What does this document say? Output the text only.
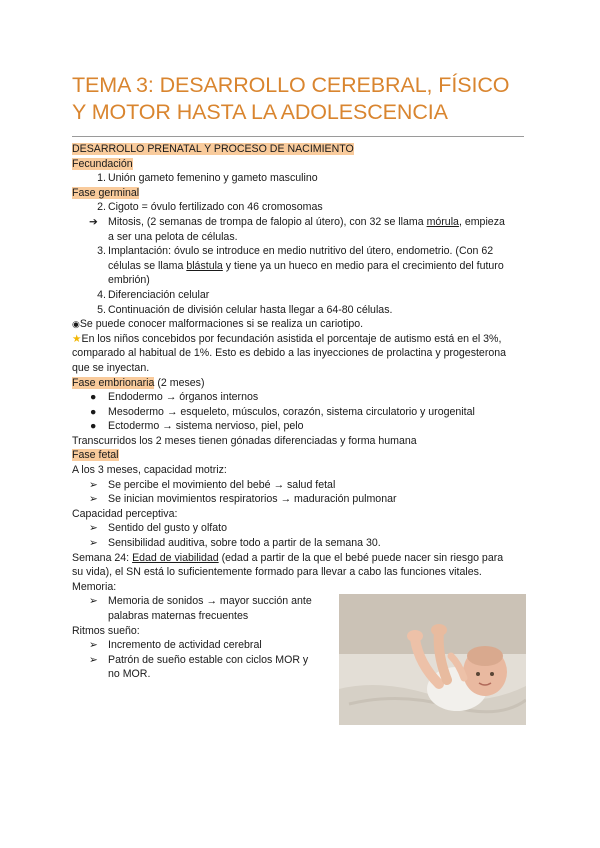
TEMA 3: DESARROLLO CEREBRAL, FÍSICO
Y MOTOR HASTA LA ADOLESCENCIA
DESARROLLO PRENATAL Y PROCESO DE NACIMIENTO
Fecundación
1. Unión gameto femenino y gameto masculino
Fase germinal
2. Cigoto = óvulo fertilizado con 46 cromosomas
➔ Mitosis, (2 semanas de trompa de falopio al útero), con 32 se llama mórula, empieza
a ser una pelota de células.
3. Implantación: óvulo se introduce en medio nutritivo del útero, endometrio. (Con 62
células se llama blástula y tiene ya un hueco en medio para el crecimiento del futuro
embrión)
4. Diferenciación celular
5. Continuación de división celular hasta llegar a 64-80 células.
◉Se puede conocer malformaciones si se realiza un cariotipo.
★En los niños concebidos por fecundación asistida el porcentaje de autismo está en el 3%,
comparado al habitual de 1%. Esto es debido a las inyecciones de prolactina y progesterona
que se inyectan.
Fase embrionaria (2 meses)
● Endodermo → órganos internos
● Mesodermo → esqueleto, músculos, corazón, sistema circulatorio y urogenital
● Ectodermo → sistema nervioso, piel, pelo
Transcurridos los 2 meses tienen gónadas diferenciadas y forma humana
Fase fetal
A los 3 meses, capacidad motriz:
➢ Se percibe el movimiento del bebé → salud fetal
➢ Se inician movimientos respiratorios → maduración pulmonar
Capacidad perceptiva:
➢ Sentido del gusto y olfato
➢ Sensibilidad auditiva, sobre todo a partir de la semana 30.
Semana 24: Edad de viabilidad (edad a partir de la que el bebé puede nacer sin riesgo para
su vida), el SN está lo suficientemente formado para llevar a cabo las funciones vitales.
Memoria:
➢ Memoria de sonidos → mayor succión ante
palabras maternas frecuentes
Ritmos sueño:
➢ Incremento de actividad cerebral
➢ Patrón de sueño estable con ciclos MOR y
no MOR.
